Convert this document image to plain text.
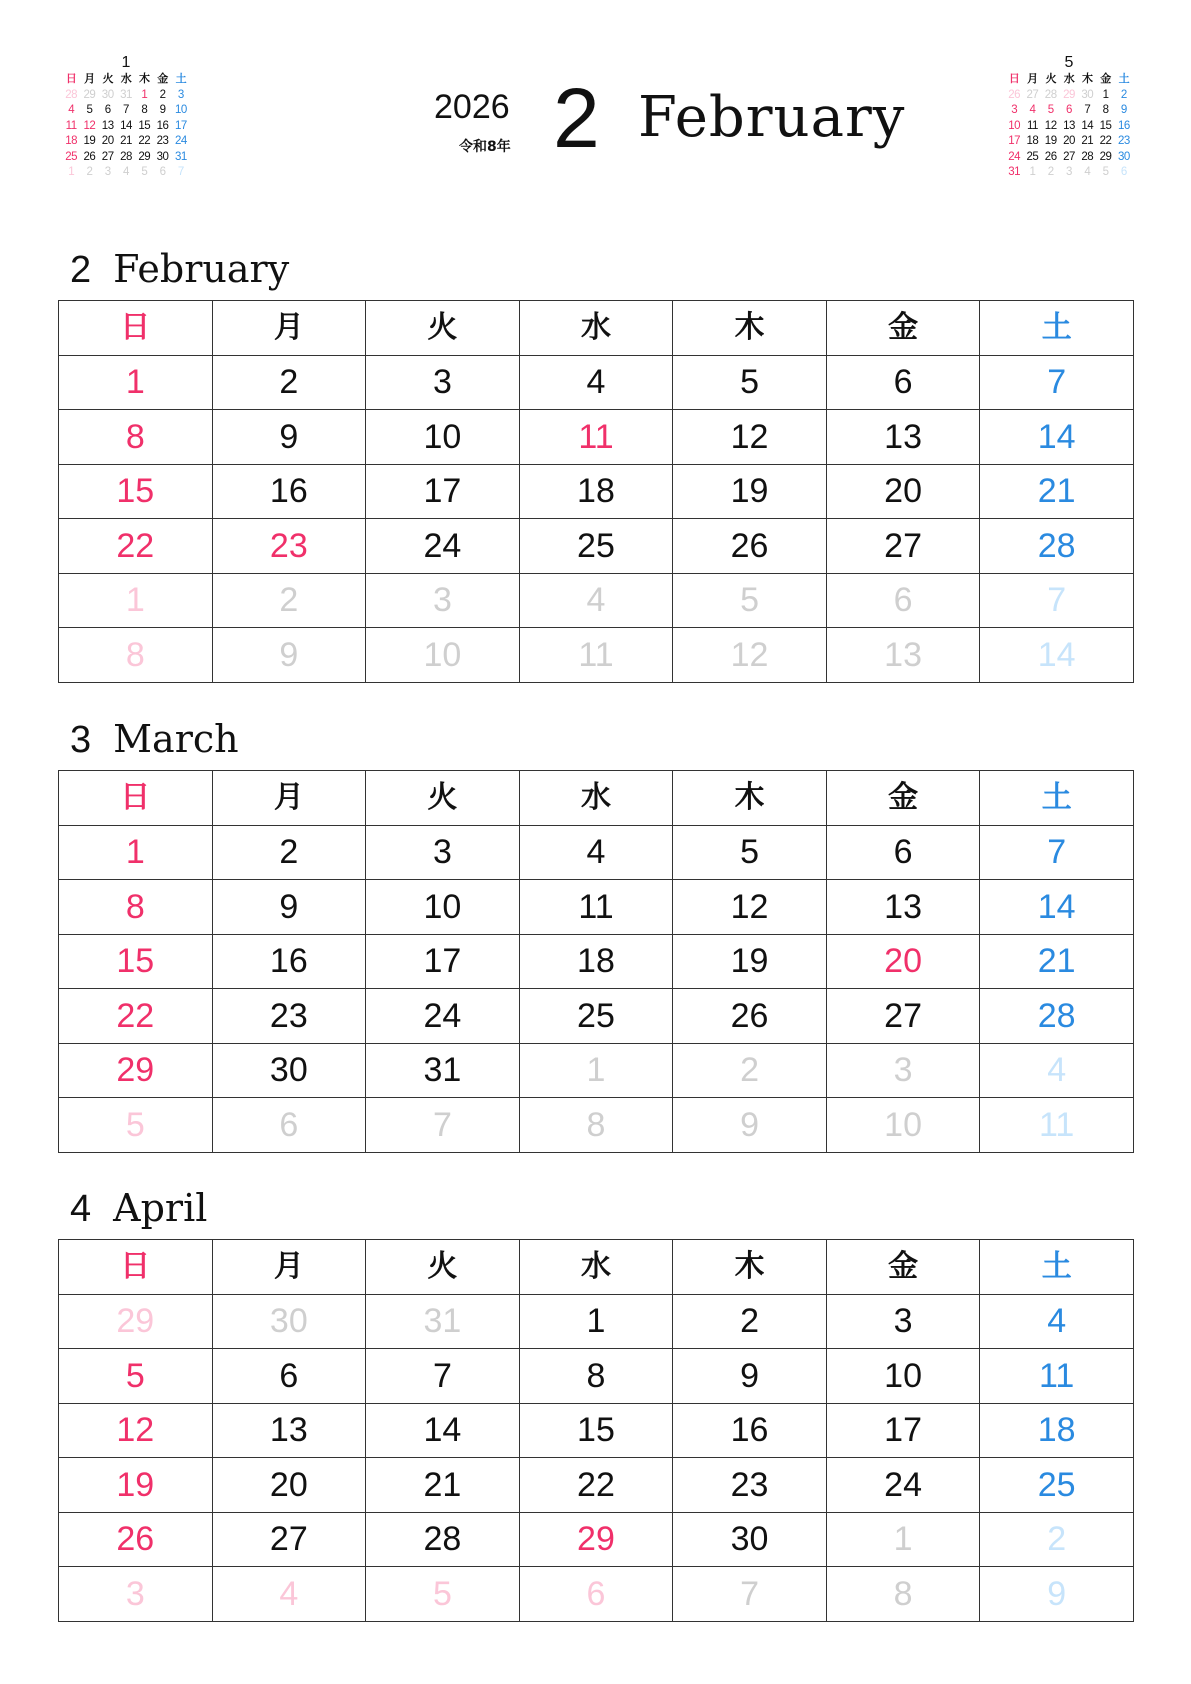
1
日	月	火	水	木	金	土
28	29	30	31	1	2	3
4	5	6	7	8	9	10
11	12	13	14	15	16	17
18	19	20	21	22	23	24
25	26	27	28	29	30	31
1	2	3	4	5	6	7
5
日	月	火	水	木	金	土
26	27	28	29	30	1	2
3	4	5	6	7	8	9
10	11	12	13	14	15	16
17	18	19	20	21	22	23
24	25	26	27	28	29	30
31	1	2	3	4	5	6
2026
令和8年 2 February
2 February
日	月	火	水	木	金	土
1	2	3	4	5	6	7
8	9	10	11	12	13	14
15	16	17	18	19	20	21
22	23	24	25	26	27	28
1	2	3	4	5	6	7
8	9	10	11	12	13	14
3 March
日	月	火	水	木	金	土
1	2	3	4	5	6	7
8	9	10	11	12	13	14
15	16	17	18	19	20	21
22	23	24	25	26	27	28
29	30	31	1	2	3	4
5	6	7	8	9	10	11
4 April
日	月	火	水	木	金	土
29	30	31	1	2	3	4
5	6	7	8	9	10	11
12	13	14	15	16	17	18
19	20	21	22	23	24	25
26	27	28	29	30	1	2
3	4	5	6	7	8	9
